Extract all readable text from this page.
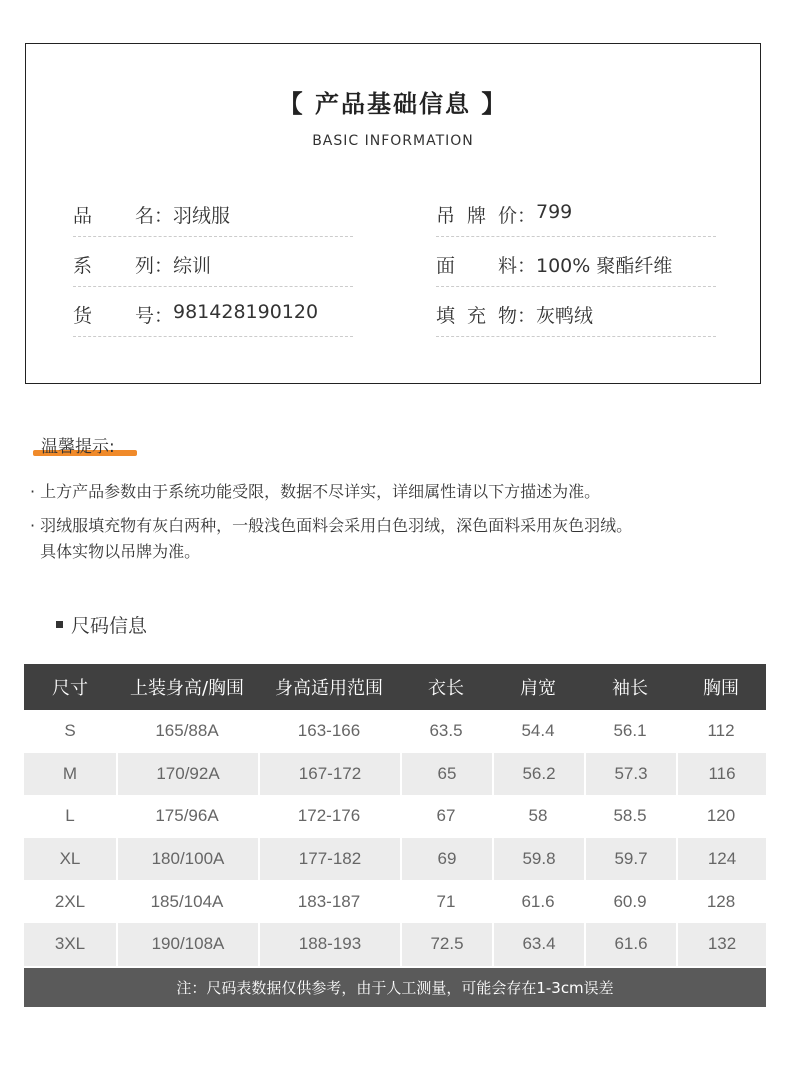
【 产品基础信息 】
BASIC INFORMATION
品 名： 羽绒服
系 列： 综训
货 号： 981428190120
吊 牌 价： 799
面 料： 100% 聚酯纤维
填 充 物： 灰鸭绒
温馨提示:
· 上方产品参数由于系统功能受限，数据不尽详实，详细属性请以下方描述为准。
· 羽绒服填充物有灰白两种，一般浅色面料会采用白色羽绒，深色面料采用灰色羽绒。
具体实物以吊牌为准。
尺码信息
尺寸	上装身高/胸围	身高适用范围	衣长	肩宽	袖长	胸围
S	165/88A	163-166	63.5	54.4	56.1	112
M	170/92A	167-172	65	56.2	57.3	116
L	175/96A	172-176	67	58	58.5	120
XL	180/100A	177-182	69	59.8	59.7	124
2XL	185/104A	183-187	71	61.6	60.9	128
3XL	190/108A	188-193	72.5	63.4	61.6	132
注：尺码表数据仅供参考，由于人工测量，可能会存在1-3cm误差
